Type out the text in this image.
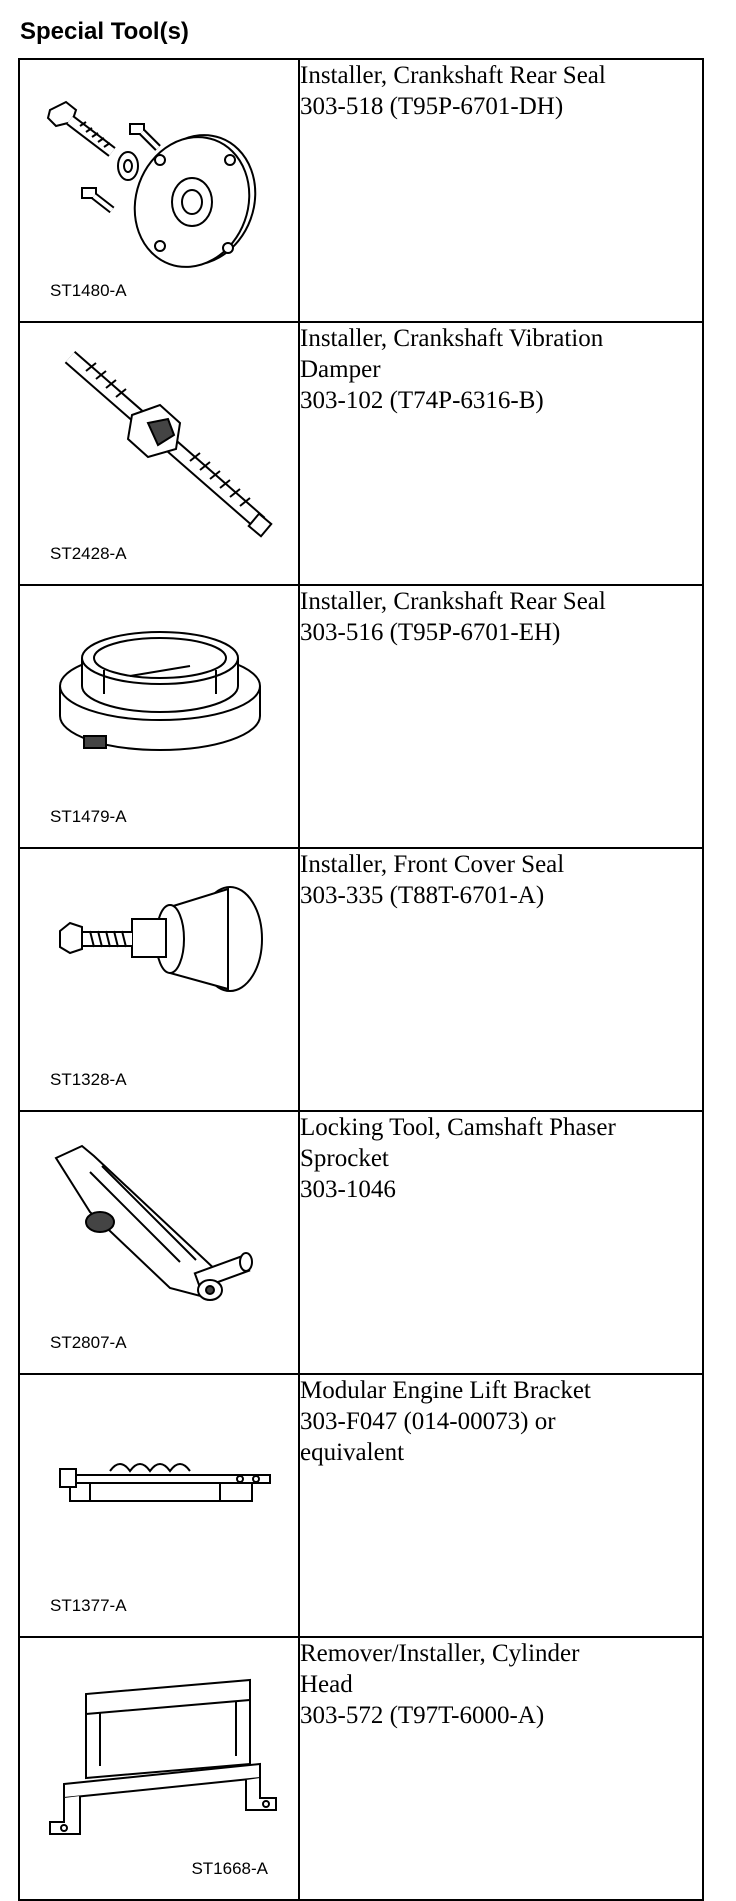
Special Tool(s)
ST1480-A	Installer, Crankshaft Rear Seal
303-518 (T95P-6701-DH)

ST2428-A	Installer, Crankshaft Vibration
Damper
303-102 (T74P-6316-B)

ST1479-A	Installer, Crankshaft Rear Seal
303-516 (T95P-6701-EH)

ST1328-A	Installer, Front Cover Seal
303-335 (T88T-6701-A)

ST2807-A	Locking Tool, Camshaft Phaser
Sprocket
303-1046

ST1377-A	Modular Engine Lift Bracket
303-F047 (014-00073) or
equivalent

ST1668-A	Remover/Installer, Cylinder
Head
303-572 (T97T-6000-A)
